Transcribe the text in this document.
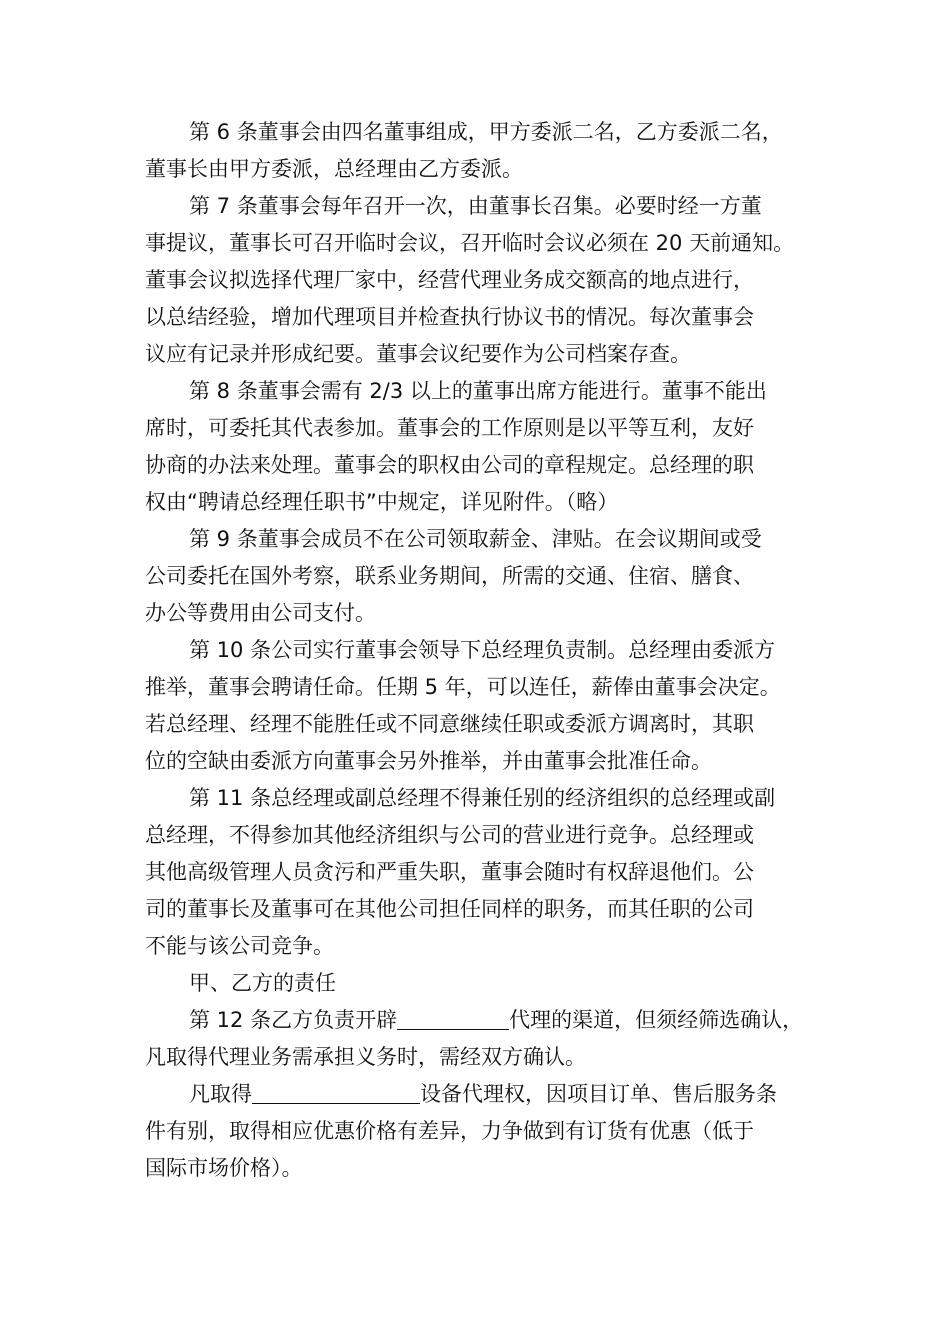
第 6 条董事会由四名董事组成，甲方委派二名，乙方委派二名，
董事长由甲方委派，总经理由乙方委派。
第 7 条董事会每年召开一次，由董事长召集。必要时经一方董
事提议，董事长可召开临时会议，召开临时会议必须在 20 天前通知。
董事会议拟选择代理厂家中，经营代理业务成交额高的地点进行，
以总结经验，增加代理项目并检查执行协议书的情况。每次董事会
议应有记录并形成纪要。董事会议纪要作为公司档案存查。
第 8 条董事会需有 2/3 以上的董事出席方能进行。董事不能出
席时，可委托其代表参加。董事会的工作原则是以平等互利，友好
协商的办法来处理。董事会的职权由公司的章程规定。总经理的职
权由“聘请总经理任职书”中规定，详见附件。（略）
第 9 条董事会成员不在公司领取薪金、津贴。在会议期间或受
公司委托在国外考察，联系业务期间，所需的交通、住宿、膳食、
办公等费用由公司支付。
第 10 条公司实行董事会领导下总经理负责制。总经理由委派方
推举，董事会聘请任命。任期 5 年，可以连任，薪俸由董事会决定。
若总经理、经理不能胜任或不同意继续任职或委派方调离时，其职
位的空缺由委派方向董事会另外推举，并由董事会批准任命。
第 11 条总经理或副总经理不得兼任别的经济组织的总经理或副
总经理，不得参加其他经济组织与公司的营业进行竞争。总经理或
其他高级管理人员贪污和严重失职，董事会随时有权辞退他们。公
司的董事长及董事可在其他公司担任同样的职务，而其任职的公司
不能与该公司竞争。
甲、乙方的责任
第 12 条乙方负责开辟	代理的渠道，但须经筛选确认，
凡取得代理业务需承担义务时，需经双方确认。
凡取得	设备代理权，因项目订单、售后服务条
件有别，取得相应优惠价格有差异，力争做到有订货有优惠（低于
国际市场价格）。
